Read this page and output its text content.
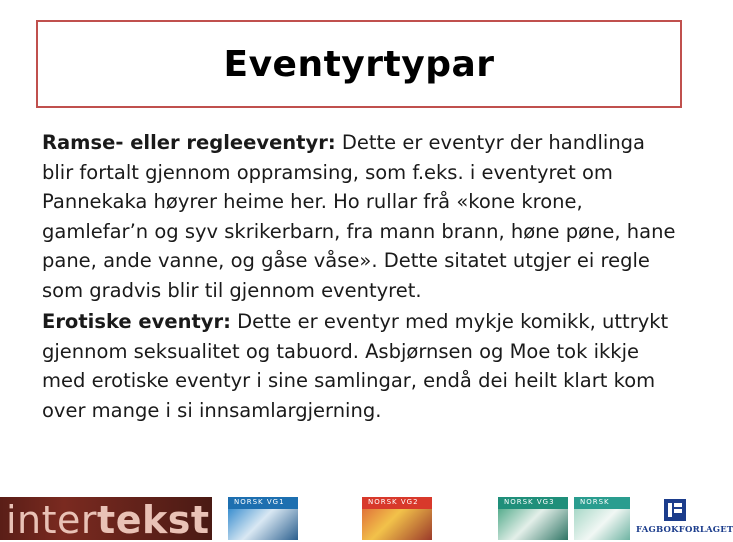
Eventyrtypar

Ramse- eller regleeventyr: Dette er eventyr der handlinga blir fortalt gjennom oppramsing, som f.eks. i eventyret om Pannekaka høyrer heime her. Ho rullar frå «kone krone, gamlefar’n og syv skrikerbarn, fra mann brann, høne pøne, hane pane, ande vanne, og gåse våse». Dette sitatet utgjer ei regle som gradvis blir til gjennom eventyret.

Erotiske eventyr: Dette er eventyr med mykje komikk, uttrykt gjennom seksualitet og tabuord. Asbjørnsen og Moe tok ikkje med erotiske eventyr i sine samlingar, endå dei heilt klart kom over mange i si innsamlargjerning.

intertekst	NORSK VG1	NORSK VG2	NORSK VG3	NORSK
FAGBOKFORLAGET
